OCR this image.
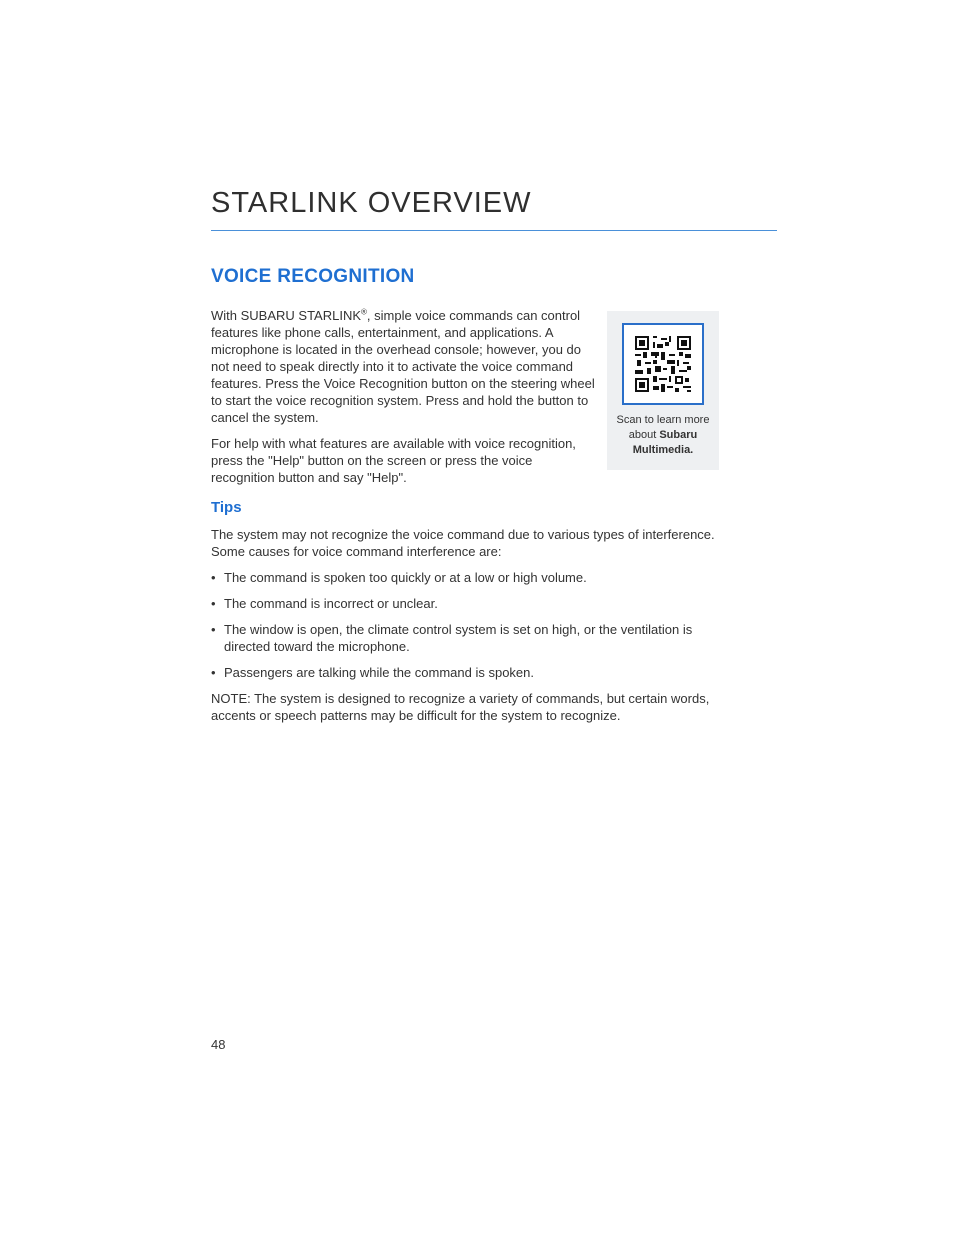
STARLINK OVERVIEW
VOICE RECOGNITION

With SUBARU STARLINK®, simple voice commands can control features like phone calls, entertainment, and applications. A microphone is located in the overhead console; however, you do not need to speak directly into it to activate the voice command features. Press the Voice Recognition button on the steering wheel to start the voice recognition system. Press and hold the button to cancel the system.

For help with what features are available with voice recognition, press the "Help" button on the screen or press the voice recognition button and say "Help".

Scan to learn more
about Subaru Multimedia.
Tips

The system may not recognize the voice command due to various types of interference. Some causes for voice command interference are:

• The command is spoken too quickly or at a low or high volume.
• The command is incorrect or unclear.
• The window is open, the climate control system is set on high, or the ventilation is directed toward the microphone.
• Passengers are talking while the command is spoken.

NOTE: The system is designed to recognize a variety of commands, but certain words, accents or speech patterns may be difficult for the system to recognize.

48
